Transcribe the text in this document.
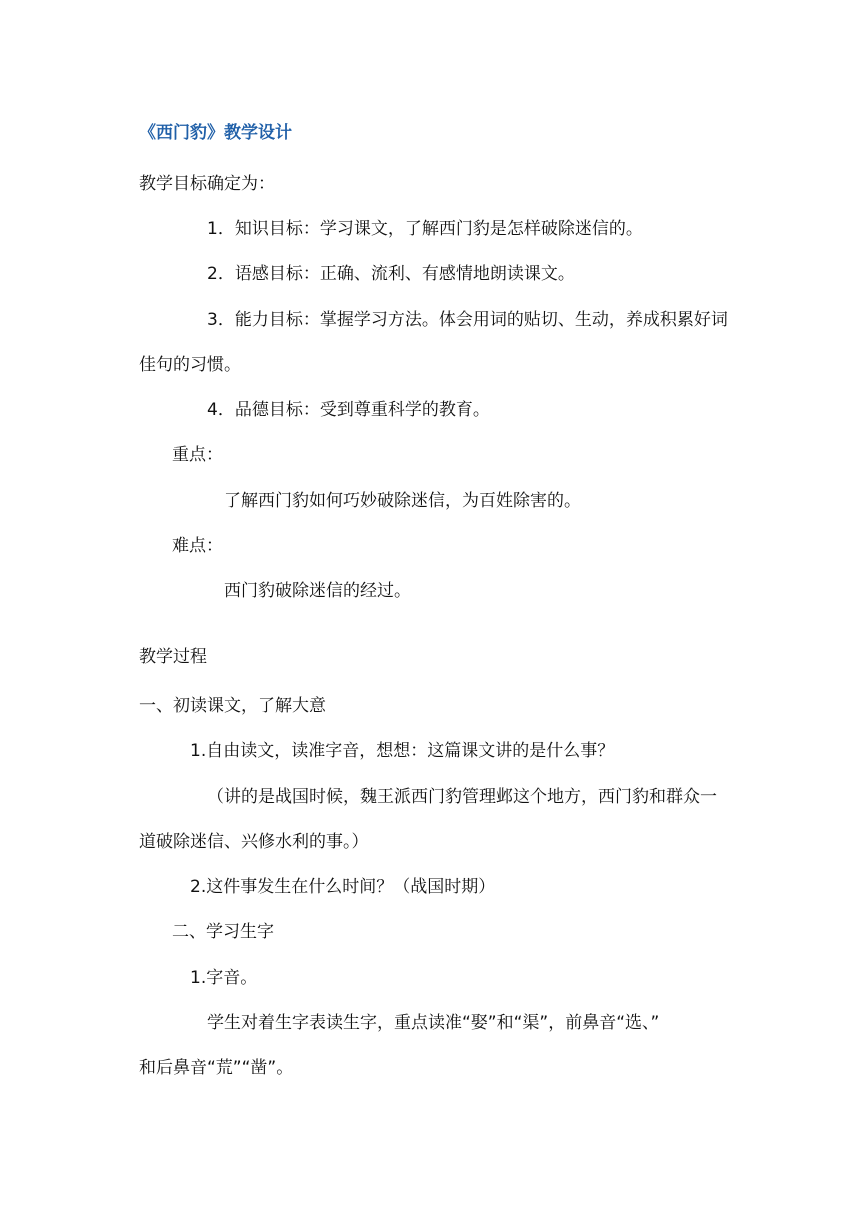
《西门豹》教学设计

教学目标确定为：

1．知识目标：学习课文，了解西门豹是怎样破除迷信的。

2．语感目标：正确、流利、有感情地朗读课文。

3．能力目标：掌握学习方法。体会用词的贴切、生动，养成积累好词

佳句的习惯。

4．品德目标：受到尊重科学的教育。

重点：

了解西门豹如何巧妙破除迷信，为百姓除害的。

难点：

西门豹破除迷信的经过。

教学过程

一、初读课文，了解大意

1.自由读文，读准字音，想想：这篇课文讲的是什么事？

（讲的是战国时候，魏王派西门豹管理邺这个地方，西门豹和群众一

道破除迷信、兴修水利的事。）

2.这件事发生在什么时间？（战国时期）

二、学习生字

1.字音。

学生对着生字表读生字，重点读准“娶”和“渠”，前鼻音“选、”

和后鼻音“荒”“凿”。
